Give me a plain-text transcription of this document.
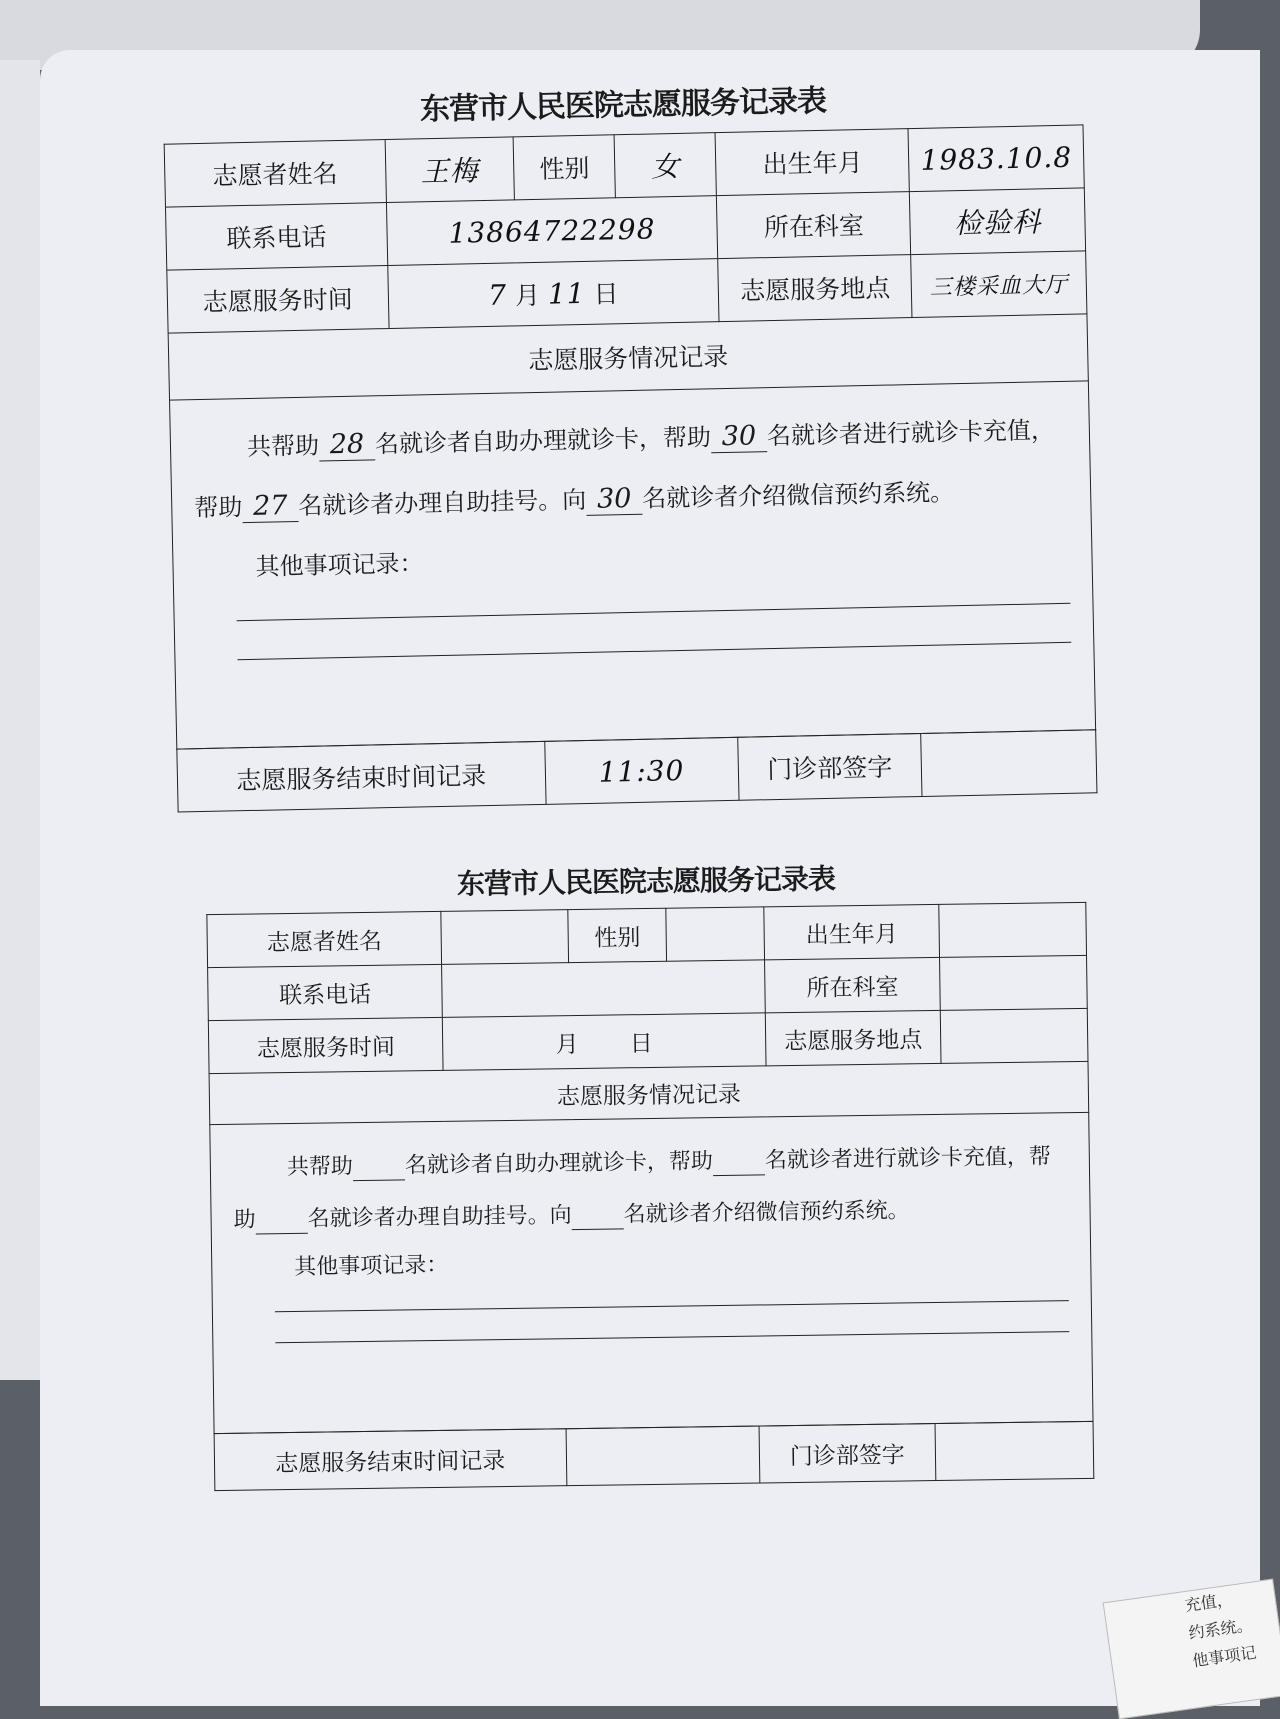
东营市人民医院志愿服务记录表
志愿者姓名	王梅	性别	女	出生年月	1983.10.8
联系电话	13864722298			所在科室	检验科
志愿服务时间	7 月 11 日			志愿服务地点	三楼采血大厅
志愿服务情况记录					

共帮助 28 名就诊者自助办理就诊卡，帮助 30 名就诊者进行就诊卡充值，帮助 27 名就诊者办理自助挂号。向 30 名就诊者介绍微信预约系统。
其他事项记录：					
志愿服务结束时间记录	11:30	门诊部签字	
东营市人民医院志愿服务记录表
志愿者姓名		性别		出生年月	
联系电话				所在科室	
志愿服务时间	月 日			志愿服务地点	
志愿服务情况记录					

共帮助 名就诊者自助办理就诊卡，帮助 名就诊者进行就诊卡充值，帮助 名就诊者办理自助挂号。向 名就诊者介绍微信预约系统。
其他事项记录：					
志愿服务结束时间记录		门诊部签字	
充值，
约系统。
他事项记
